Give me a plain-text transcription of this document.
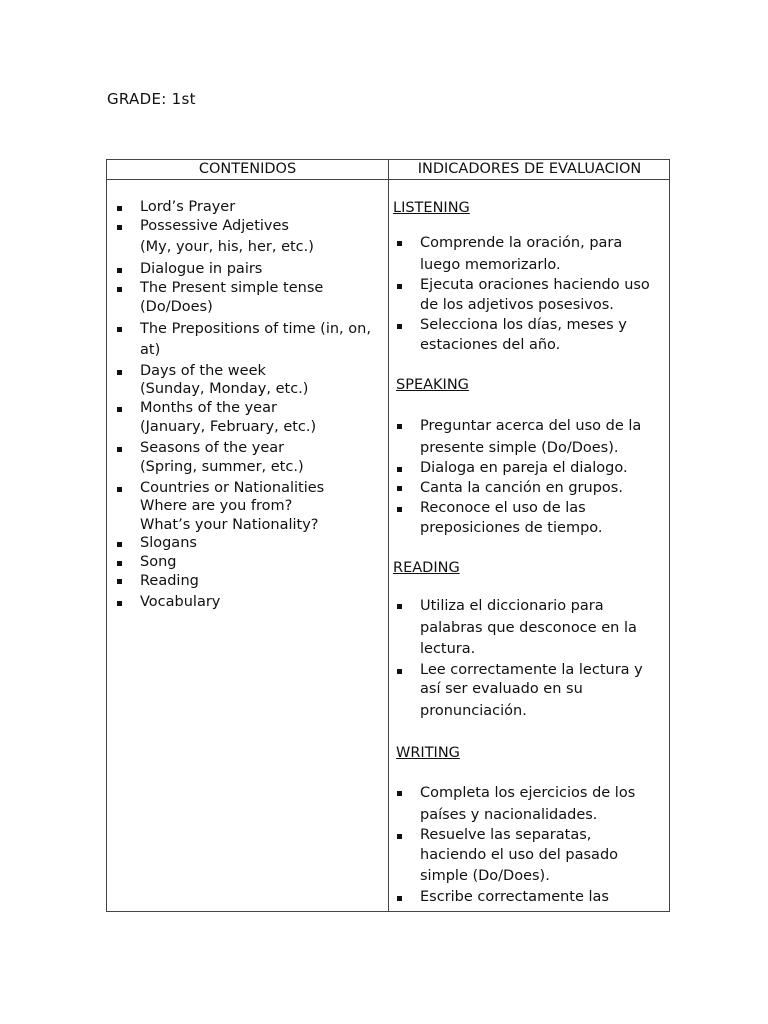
GRADE: 1st
CONTENIDOS	INDICADORES DE EVALUACION
Lord’s Prayer
Possessive Adjetives
(My, your, his, her, etc.)
Dialogue in pairs
The Present simple tense
(Do/Does)
The Prepositions of time (in, on,
at)
Days of the week
(Sunday, Monday, etc.)
Months of the year
(January, February, etc.)
Seasons of the year
(Spring, summer, etc.)
Countries or Nationalities
Where are you from?
What’s your Nationality?
Slogans
Song
Reading
Vocabulary
LISTENING
Comprende la oración, para
luego memorizarlo.
Ejecuta oraciones haciendo uso
de los adjetivos posesivos.
Selecciona los días, meses y
estaciones del año.
SPEAKING
Preguntar acerca del uso de la
presente simple (Do/Does).
Dialoga en pareja el dialogo.
Canta la canción en grupos.
Reconoce el uso de las
preposiciones de tiempo.
READING
Utiliza el diccionario para
palabras que desconoce en la
lectura.
Lee correctamente la lectura y
así ser evaluado en su
pronunciación.
WRITING
Completa los ejercicios de los
países y nacionalidades.
Resuelve las separatas,
haciendo el uso del pasado
simple (Do/Does).
Escribe correctamente las
